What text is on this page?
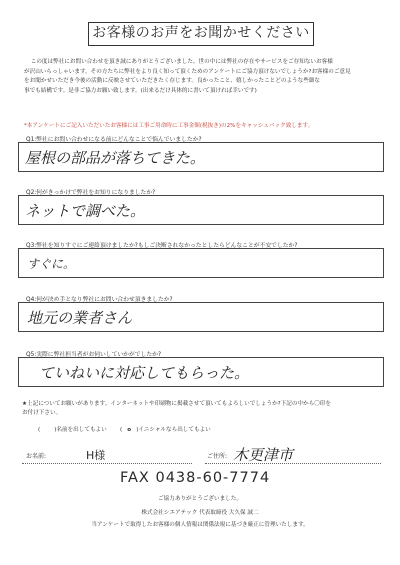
お客様のお声をお聞かせください

この度は弊社にお問い合わせを頂き誠にありがとうございました。世の中には弊社の存在やサービスをご存知ないお客様

が沢山いらっしゃいます。その方たちに弊社をより良く知って頂くためのアンケートにご協力頂けないでしょうか?お客様のご意見

をお聞かせいただき今後の活動に反映させていただきたく存じます。良かったこと、嬉しかったことどのような些細な

事でも結構です。是非ご協力お願い致します。(出来るだけ具体的に書いて頂ければ幸いです)

*本アンケートにご記入いただいたお客様には工事ご用命時に工事金額(税抜き)の2%をキャッシュバック致します。
Q1:弊社にお問い合わせになる前にどんなことで悩んでいましたか?
屋根の部品が落ちてきた。
Q2:何がきっかけで弊社をお知りになりましたか?
ネットで調べた。
Q3:弊社を知りすぐにご連絡頂けましたか?もしご決断されなかったとしたらどんなことが不安でしたか?
すぐに。
Q4:何が決め手となり弊社にお問い合わせ頂きましたか?
地元の業者さん
Q5:実際に弊社担当者がお伺いしていかがでしたか?
ていねいに対応してもらった。
★上記についてお願いがあります。インターネットや印刷物に掲載させて頂いてもよろしいでしょうか?下記の中から〇印を
お付け下さい。
(	)名前を出してもよい ( o )イニシャルなら出してもよい
お名前:	H様	ご住所: 木更津市
FAX 0438-60-7774
ご協力ありがとうございました。
株式会社シエアテック 代表取締役 大久保 誠二
当アンケートで取得したお客様の個人情報は関係法規に基づき厳正に管理いたします。
